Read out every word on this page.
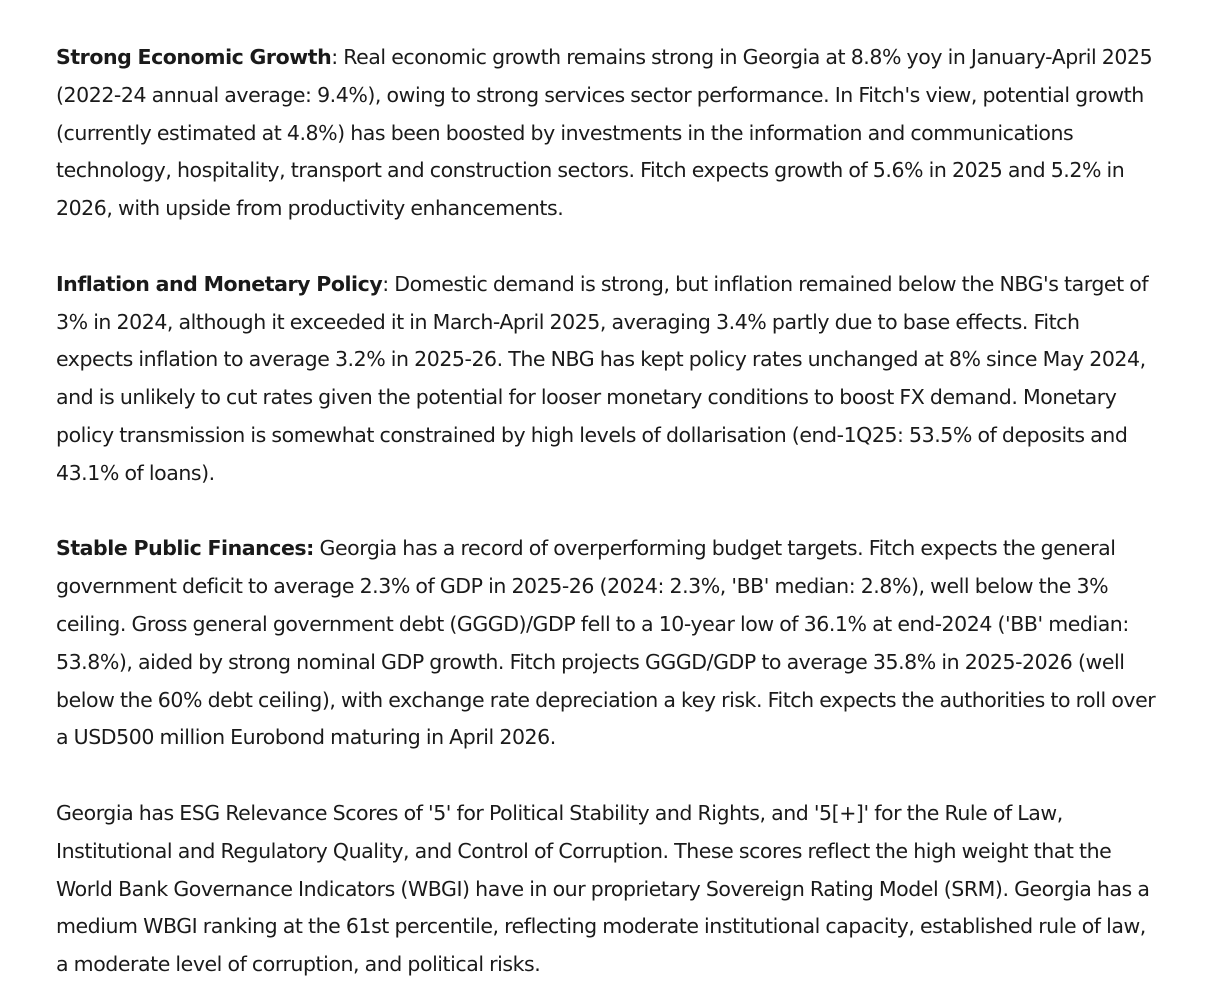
Strong Economic Growth: Real economic growth remains strong in Georgia at 8.8% yoy in January-April 2025 (2022-24 annual average: 9.4%), owing to strong services sector performance. In Fitch's view, potential growth (currently estimated at 4.8%) has been boosted by investments in the information and communications technology, hospitality, transport and construction sectors. Fitch expects growth of 5.6% in 2025 and 5.2% in 2026, with upside from productivity enhancements.

Inflation and Monetary Policy: Domestic demand is strong, but inflation remained below the NBG's target of 3% in 2024, although it exceeded it in March-April 2025, averaging 3.4% partly due to base effects. Fitch expects inflation to average 3.2% in 2025-26. The NBG has kept policy rates unchanged at 8% since May 2024, and is unlikely to cut rates given the potential for looser monetary conditions to boost FX demand. Monetary policy transmission is somewhat constrained by high levels of dollarisation (end-1Q25: 53.5% of deposits and 43.1% of loans).

Stable Public Finances: Georgia has a record of overperforming budget targets. Fitch expects the general government deficit to average 2.3% of GDP in 2025-26 (2024: 2.3%, 'BB' median: 2.8%), well below the 3% ceiling. Gross general government debt (GGGD)/GDP fell to a 10-year low of 36.1% at end-2024 ('BB' median: 53.8%), aided by strong nominal GDP growth. Fitch projects GGGD/GDP to average 35.8% in 2025-2026 (well below the 60% debt ceiling), with exchange rate depreciation a key risk. Fitch expects the authorities to roll over a USD500 million Eurobond maturing in April 2026.

Georgia has ESG Relevance Scores of '5' for Political Stability and Rights, and '5[+]' for the Rule of Law, Institutional and Regulatory Quality, and Control of Corruption. These scores reflect the high weight that the World Bank Governance Indicators (WBGI) have in our proprietary Sovereign Rating Model (SRM). Georgia has a medium WBGI ranking at the 61st percentile, reflecting moderate institutional capacity, established rule of law, a moderate level of corruption, and political risks.
